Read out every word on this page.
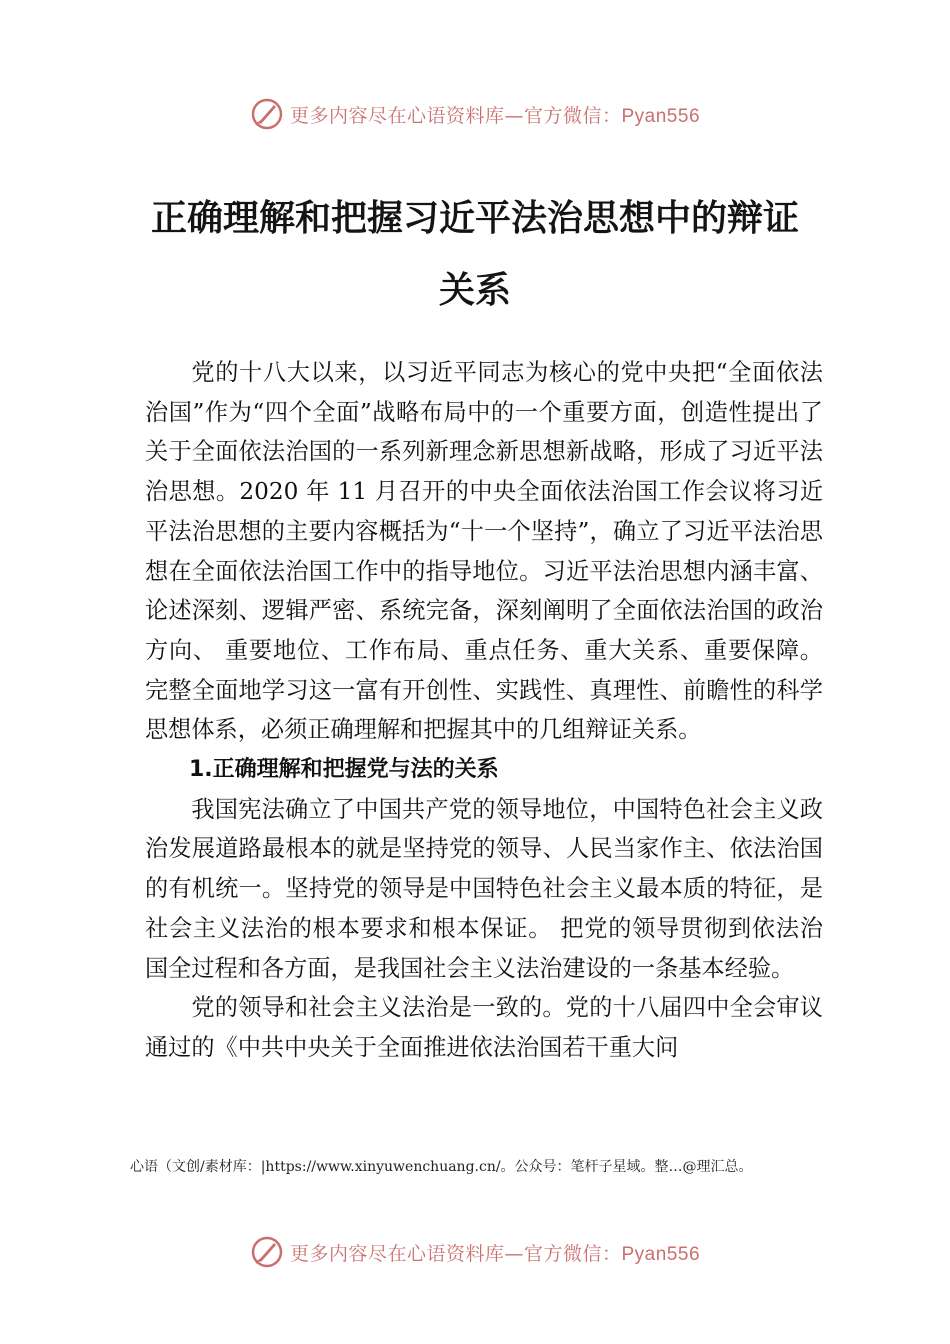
更多内容尽在心语资料库—官方微信：Pyan556
正确理解和把握习近平法治思想中的辩证
关系

党的十八大以来，以习近平同志为核心的党中央把“全面依法治国”作为“四个全面”战略布局中的一个重要方面，创造性提出了关于全面依法治国的一系列新理念新思想新战略，形成了习近平法治思想。2020 年 11 月召开的中央全面依法治国工作会议将习近平法治思想的主要内容概括为“十一个坚持”，确立了习近平法治思想在全面依法治国工作中的指导地位。习近平法治思想内涵丰富、论述深刻、逻辑严密、系统完备，深刻阐明了全面依法治国的政治方向、 重要地位、工作布局、重点任务、重大关系、重要保障。完整全面地学习这一富有开创性、实践性、真理性、前瞻性的科学思想体系，必须正确理解和把握其中的几组辩证关系。

1.正确理解和把握党与法的关系

我国宪法确立了中国共产党的领导地位，中国特色社会主义政治发展道路最根本的就是坚持党的领导、人民当家作主、依法治国的有机统一。坚持党的领导是中国特色社会主义最本质的特征，是社会主义法治的根本要求和根本保证。 把党的领导贯彻到依法治国全过程和各方面，是我国社会主义法治建设的一条基本经验。

党的领导和社会主义法治是一致的。党的十八届四中全会审议通过的《中共中央关于全面推进依法治国若干重大问

心语（文创/素材库：|https://www.xinyuwenchuang.cn/。公众号：笔杆子星域。整…@理汇总。
更多内容尽在心语资料库—官方微信：Pyan556
